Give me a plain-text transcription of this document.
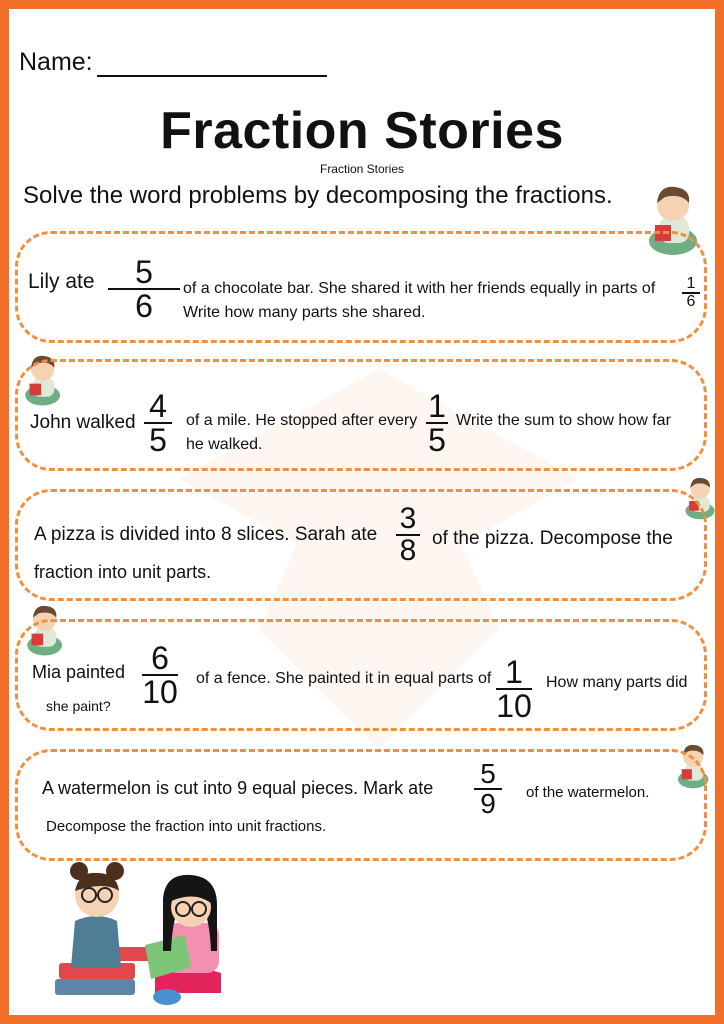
Name:
Fraction Stories
Fraction Stories
Solve the word problems by decomposing the fractions.
Lily ate 5
6 of a chocolate bar. She shared it with her friends equally in parts of
Write how many parts she shared.
1
6
John walked 4
5
of a mile. He stopped after every
he walked.
1
5
Write the sum to show how far
A pizza is divided into 8 slices. Sarah ate 3
8 of the pizza. Decompose the
fraction into unit parts.
Mia painted 6
10 of a fence. She painted it in equal parts of 1
10
How many parts did
she paint?
A watermelon is cut into 9 equal pieces. Mark ate 5
9 of the watermelon.
Decompose the fraction into unit fractions.
